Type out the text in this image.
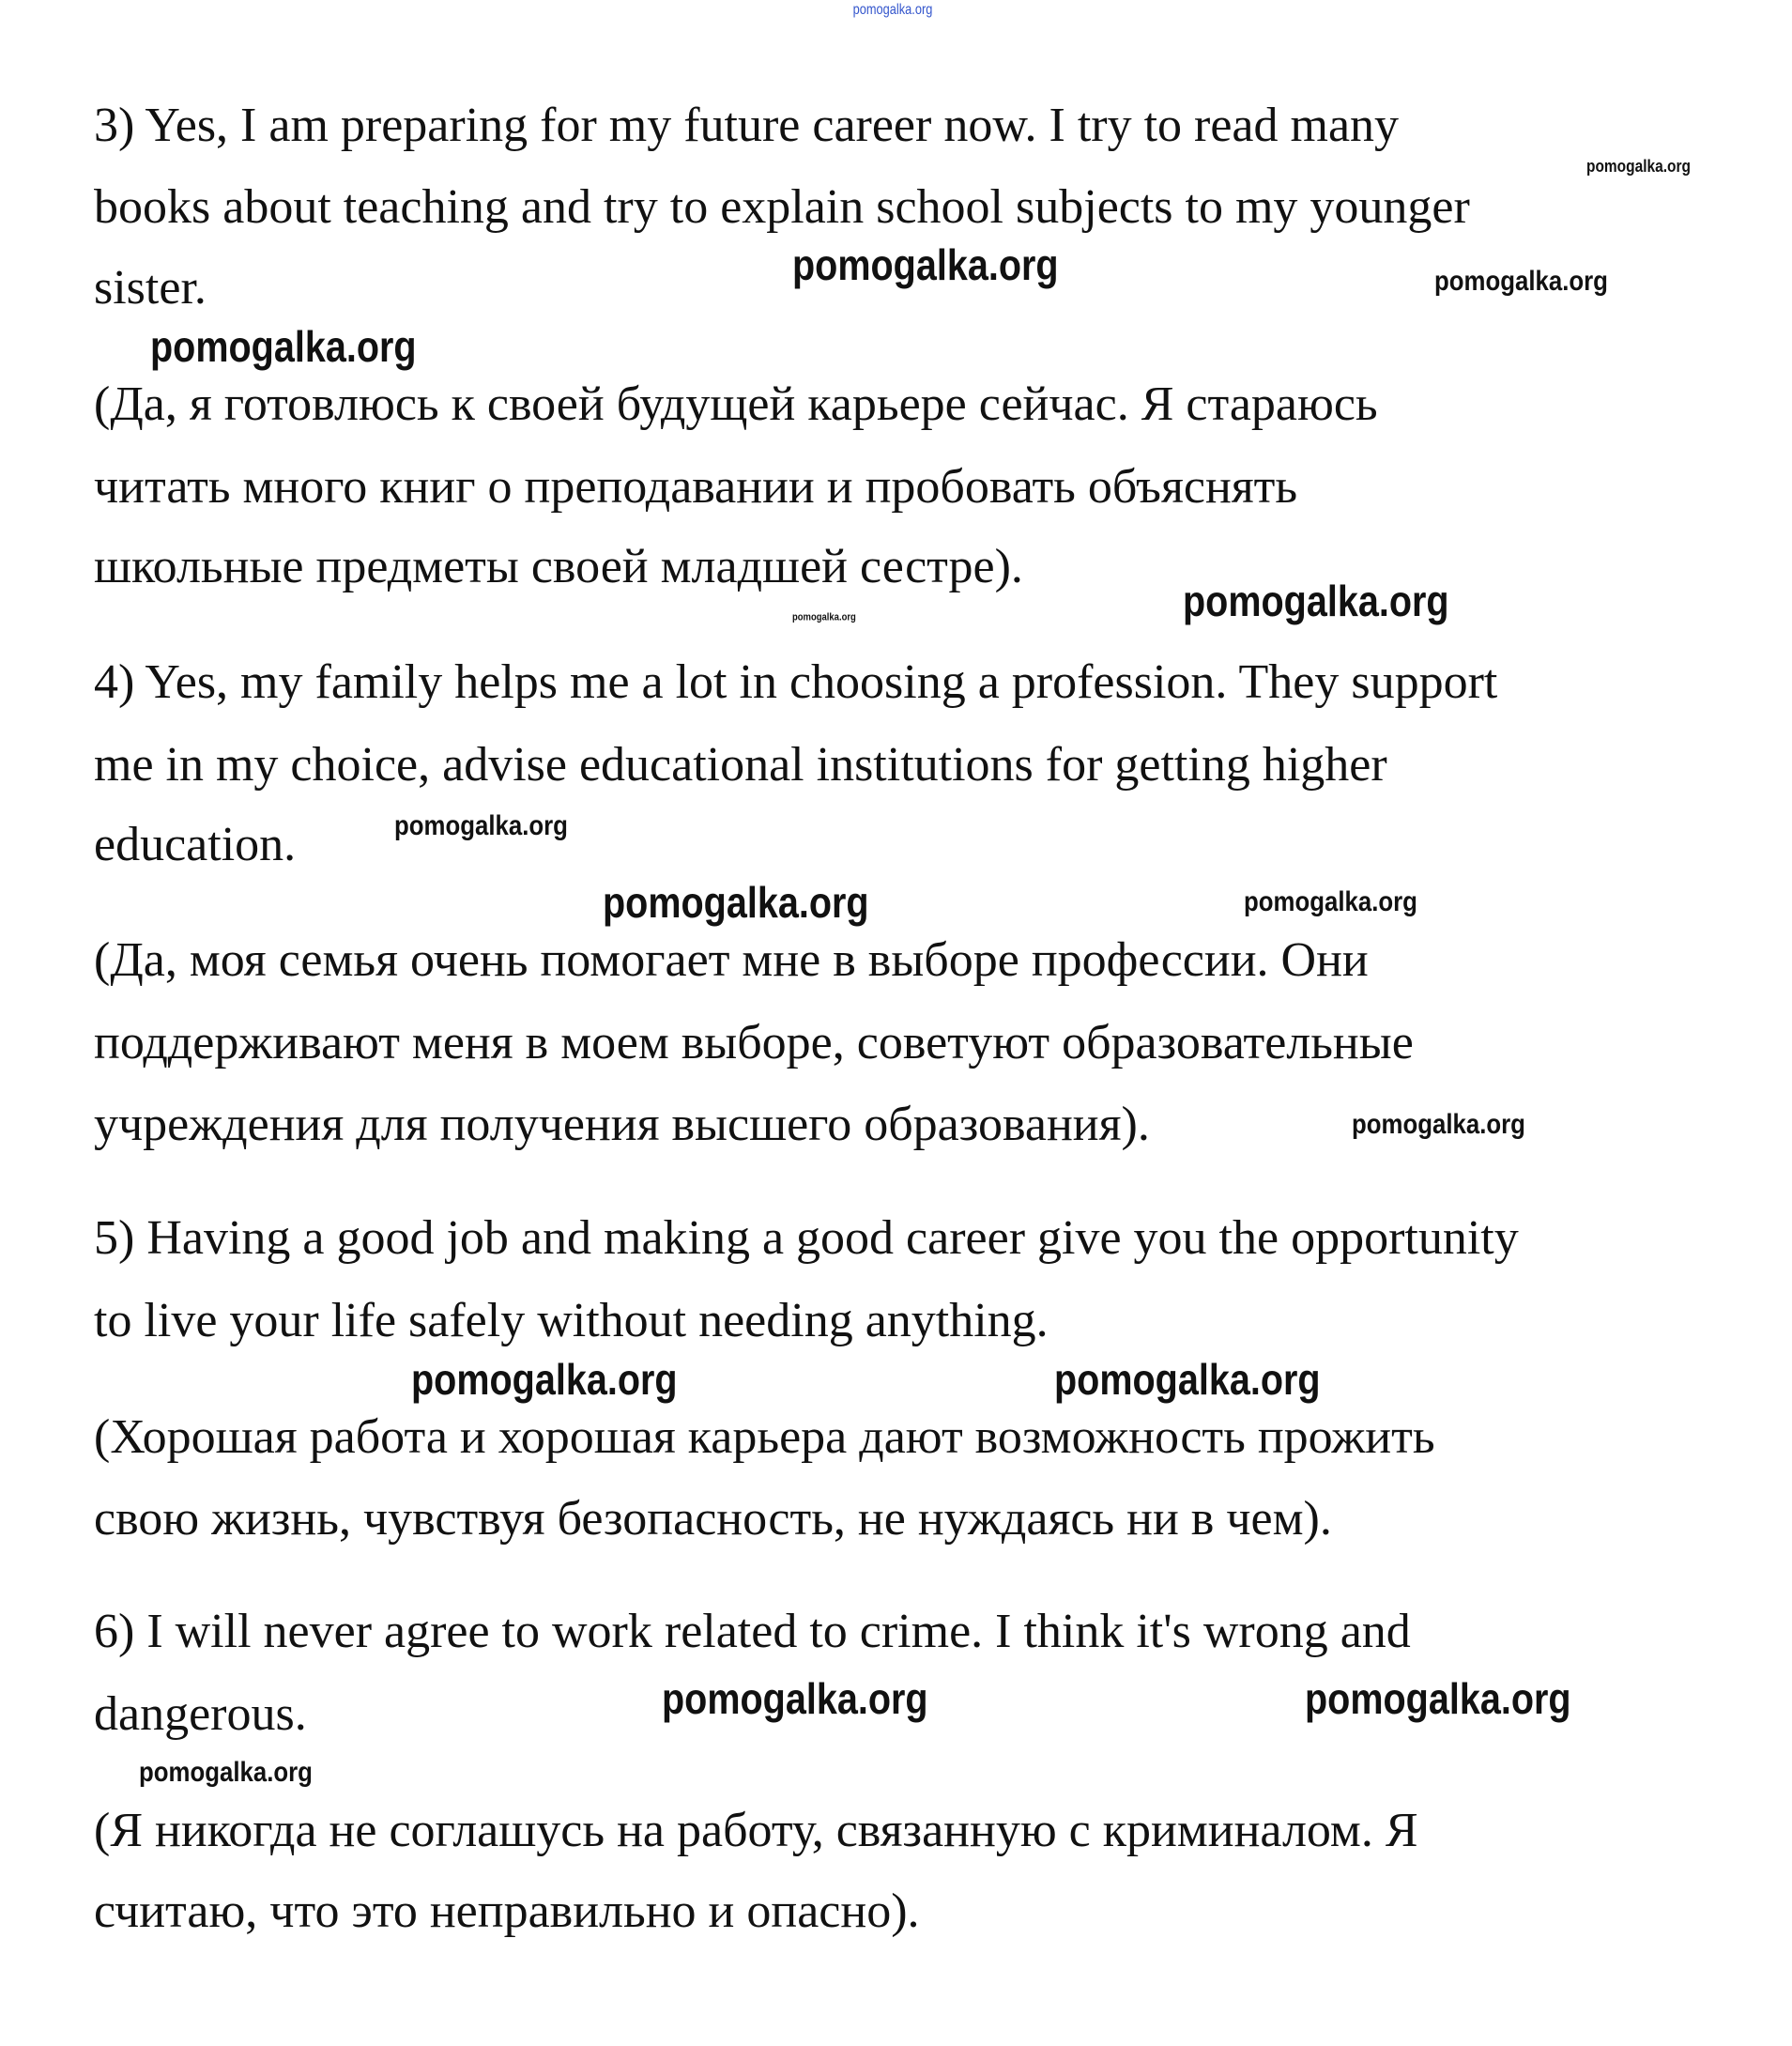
pomogalka.org
3) Yes, I am preparing for my future career now. I try to read many
books about teaching and try to explain school subjects to my younger
sister.
(Да, я готовлюсь к своей будущей карьере сейчас. Я стараюсь
читать много книг о преподавании и пробовать объяснять
школьные предметы своей младшей сестре).
4) Yes, my family helps me a lot in choosing a profession. They support
me in my choice, advise educational institutions for getting higher
education.
(Да, моя семья очень помогает мне в выборе профессии. Они
поддерживают меня в моем выборе, советуют образовательные
учреждения для получения высшего образования).
5) Having a good job and making a good career give you the opportunity
to live your life safely without needing anything.
(Хорошая работа и хорошая карьера дают возможность прожить
свою жизнь, чувствуя безопасность, не нуждаясь ни в чем).
6) I will never agree to work related to crime. I think it's wrong and
dangerous.
(Я никогда не соглашусь на работу, связанную с криминалом. Я
считаю, что это неправильно и опасно).
pomogalka.org
pomogalka.org	pomogalka.org
pomogalka.org
pomogalka.org
pomogalka.org
pomogalka.org
pomogalka.org
pomogalka.org
pomogalka.org
pomogalka.org	pomogalka.org
pomogalka.org	pomogalka.org
pomogalka.org
